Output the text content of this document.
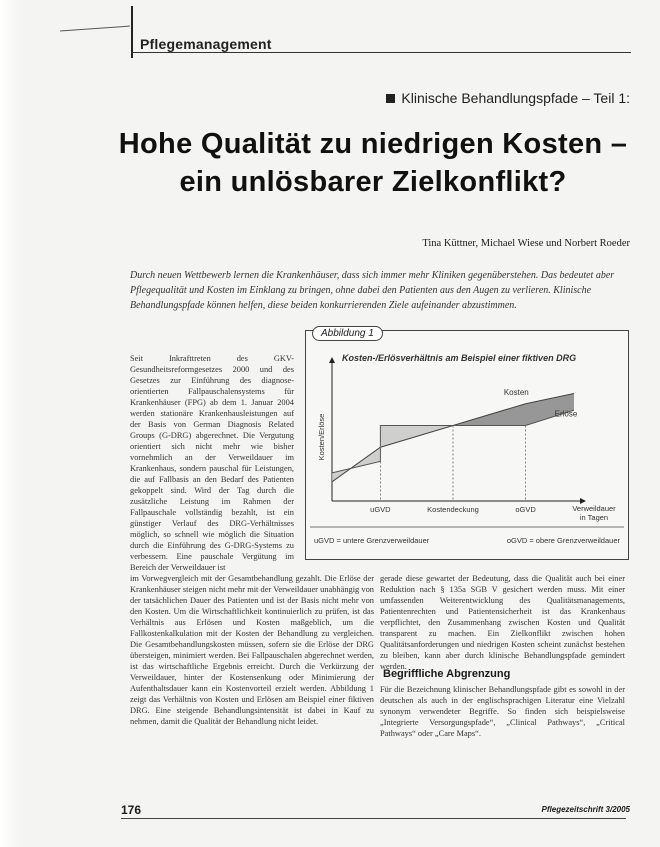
Pflegemanagement
Klinische Behandlungspfade – Teil 1:
Hohe Qualität zu niedrigen Kosten –
ein unlösbarer Zielkonflikt?
Tina Küttner, Michael Wiese und Norbert Roeder
Durch neuen Wettbewerb lernen die Krankenhäuser, dass sich immer mehr Kliniken gegenüberstehen. Das bedeutet aber Pflegequalität und Kosten im Einklang zu bringen, ohne dabei den Patienten aus den Augen zu verlieren. Klinische Behandlungspfade können helfen, diese beiden konkurrierenden Ziele aufeinander abzustimmen.

Seit Inkrafttreten des GKV-Gesundheitsreformgesetzes 2000 und des Gesetzes zur Einführung des diagnose-orientierten Fallpauschalensystems für Krankenhäuser (FPG) ab dem 1. Januar 2004 werden stationäre Krankenhausleistungen auf der Basis von German Diagnosis Related Groups (G-DRG) abgerechnet. Die Vergutung orientiert sich nicht mehr wie bisher vornehmlich an der Verweildauer im Krankenhaus, sondern pauschal für Leistungen, die auf Fallbasis an den Bedarf des Patienten gekoppelt sind. Wird der Tag durch die zusätzliche Leistung im Rahmen der Fallpauschale vollständig bezahlt, ist ein günstiger Verlauf des DRG-Verhältnisses möglich, so schnell wie möglich die Situation durch die Einführung des G-DRG-Systems zu verbessern. Eine pauschale Vergütung im Bereich der Verweildauer ist

Kosten-/Erlösverhältnis am Beispiel einer fiktiven DRG
Kosten
Erlöse
uGVD	Kostendeckung	oGVD	Verweildauer
in Tagen
Kosten/Erlöse
uGVD = untere Grenzverweildauer	oGVD = obere Grenzverweildauer
Abbildung 1

im Vorwegvergleich mit der Gesamtbehandlung gezahlt. Die Erlöse der Krankenhäuser steigen nicht mehr mit der Verweildauer unabhängig von der tatsächlichen Dauer des Patienten und ist der Basis nicht mehr von den Kosten. Um die Wirtschaftlichkeit kontinuierlich zu prüfen, ist das Verhältnis aus Erlösen und Kosten maßgeblich, um die Fallkostenkalkulation mit der Kosten der Behandlung zu vergleichen. Die Gesamtbehandlungskosten müssen, sofern sie die Erlöse der DRG übersteigen, minimiert werden. Bei Fallpauschalen abgerechnet werden, ist das wirtschaftliche Ergebnis erreicht. Durch die Verkürzung der Verweildauer, hinter der Kostensenkung oder Minimierung der Aufenthaltsdauer kann ein Kostenvorteil erzielt werden. Abbildung 1 zeigt das Verhältnis von Kosten und Erlösen am Beispiel einer fiktiven DRG. Eine steigende Behandlungsintensität ist dabei in Kauf zu nehmen, damit die Qualität der Behandlung nicht leidet.

gerade diese gewartet der Bedeutung, dass die Qualität auch bei einer Reduktion nach § 135a SGB V gesichert werden muss. Mit einer umfassenden Weiterentwicklung des Qualitätsmanagements, Patientenrechten und Patientensicherheit ist das Krankenhaus verpflichtet, den Zusammenhang zwischen Kosten und Qualität transparent zu machen. Ein Zielkonflikt zwischen hohen Qualitätsanforderungen und niedrigen Kosten scheint zunächst bestehen zu bleiben, kann aber durch klinische Behandlungspfade gemindert werden.

Begriffliche Abgrenzung

Für die Bezeichnung klinischer Behandlungspfade gibt es sowohl in der deutschen als auch in der englischsprachigen Literatur eine Vielzahl synonym verwendeter Begriffe. So finden sich beispielsweise „Integrierte Versorgungspfade“, „Clinical Pathways“, „Critical Pathways“ oder „Care Maps“.

176	Pflegezeitschrift 3/2005
